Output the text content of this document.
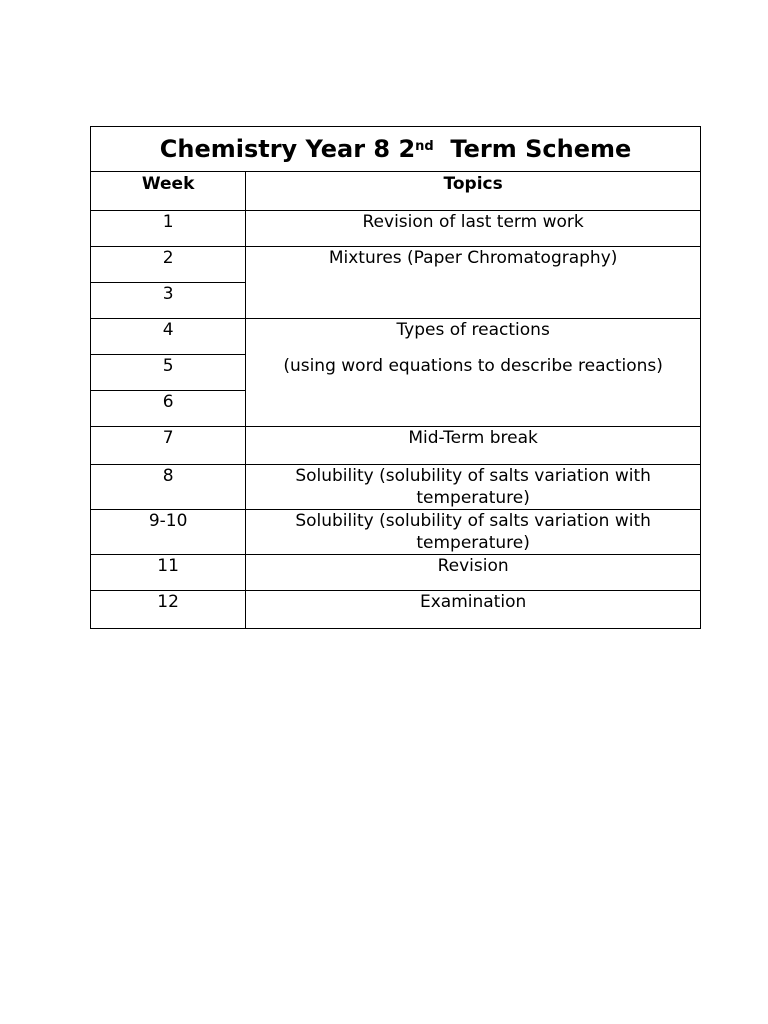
Chemistry Year 8 2nd  Term Scheme	

Week	Topics

1	Revision of last term work

2	Mixtures (Paper Chromatography)

3	

4	Types of reactions
(using word equations to describe reactions)

5	

6	

7	Mid-Term break

8	Solubility (solubility of salts variation with temperature)

9-10	Solubility (solubility of salts variation with temperature)

11	Revision

12	Examination
